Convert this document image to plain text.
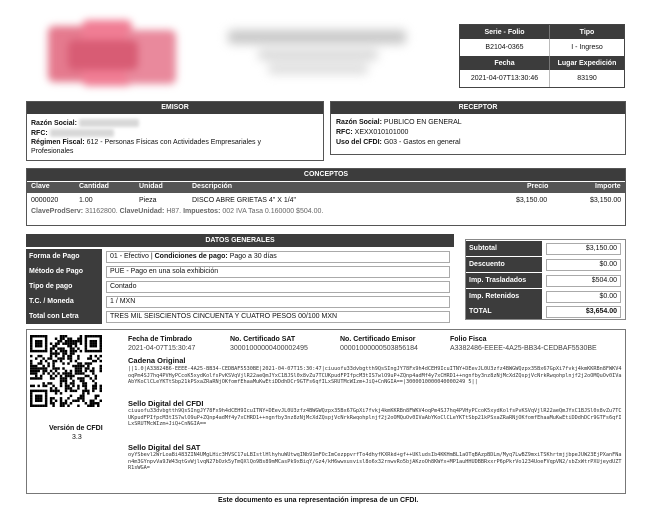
Serie - Folio	Tipo
B2104-0365	I - Ingreso
Fecha	Lugar Expedición
2021-04-07T13:30:46	83190
EMISOR
Razón Social:
RFC:
Régimen Fiscal: 612 - Personas Físicas con Actividades Empresariales y
Profesionales
RECEPTOR
Razón Social: PUBLICO EN GENERAL
RFC: XEXX010101000
Uso del CFDI: G03 - Gastos en general
CONCEPTOS
Clave	Cantidad	Unidad	Descripción	Precio	Importe
0000020	1.00	Pieza	DISCO ABRE GRIETAS 4" X 1/4"	$3,150.00	$3,150.00
ClaveProdServ: 31162800. ClaveUnidad: H87. Impuestos: 002 IVA Tasa 0.160000 $504.00.
DATOS GENERALES
Forma de Pago	01 - Efectivo | Condiciones de pago: Pago a 30 días
Método de Pago	PUE - Pago en una sola exhibición
Tipo de pago	Contado
T.C. / Moneda	1 / MXN
Total con Letra	TRES MIL SEISCIENTOS CINCUENTA Y CUATRO PESOS 00/100 MXN
Subtotal	$3,150.00
Descuento	$0.00
Imp. Trasladados	$504.00
Imp. Retenidos	$0.00
TOTAL	$3,654.00
Versión de CFDI
3.3
Fecha de Timbrado
2021-04-07T15:30:47
No. Certificado SAT
30001000000400002495
No. Certificado Emisor
00001000000503856184
Folio Fisca
A3382486-EEEE-4A25-BB34-CEDBAF5530BE
Cadena Original
||1.0|A33824B6-EEEE-4A25-BB34-CEDBAF5530BE|2021-04-07T15:30:47|ciuuofu33dvbgtth9QsSIngJY78Fx9h4dCEH9IcuITNY+DEevJL0U3zfz4BWGWQzpx35Bx67GpXi7fvkj4kmKKRBn8FWKV4oqPm4SJ7hq4PVHyPCcoK5xydKolfsPvKSVqVjlR22aeQmJYxC1BJSl0x8vZu7TCUKpudFPIfpcM3tIS7wlO9uP+ZQnp4adMf4y7xCHRD1++ngnfby3nz8zNjMcXdZQspjVcNrkRwqohplnjf2j2oOMQuOv0IVaAbYKoClCLeYKTtSbp21kPSxaZRaRNjOKfomfEhaaMuKwEtiDDdhDCr9GTFs6qfILxSRUTMcWIzm+JiQ+CnNGIA==|3000010000040000249 5||
Sello Digital del CFDI
ciuuofu33dvbgtth9QsSIngJY78Fx9h4dCEH9IcuITNY+DEevJL0U3zfz4BWGWQzpx35Bx67GpXi7fvkj4kmKKRBn8FWKV4oqPm4SJ7hq4PVHyPCcoK5xydKolfsPvKSVqVjlR22aeQmJYxC1BJSl0x8vZu7TCUKpudFPIfpcM3tIS7wlO9uP+ZQnp4adMf4y7xCHRD1++ngnfby3nz8zNjMcXdZQspjVcNrkRwqohplnjf2j2oOMQuOv0IVaAbYKoClCLeYKTtSbp21kPSxaZRaRNjOKfomfEhaaMuKwEtiDDdhDCr9GTFs6qfILxSRUTMcWIzm+JiQ+CnNGIA==
Sello Digital del SAT
oyYSbevl2WrLoaBi483ZIN4UMgLHic3HVSC17uLBIstlHlhyhuWUtwqINb91mFOcImCezppvrfTo4dhyfKXRkd+gf++UKludsIb4KKHmBL1aOTqBAzpBDLm/Myq7LwBZ9mxiTSKhrtmjjbpeJUW23EjPXanFNan4m3GYnpvVa9JW43qtGvWjlvqN27bOzk5yTmQXlQo9Bs89mMCasPk9xBiqY/Gz4/kH6wwxusvisl8o6x32rnwvRo5bjAKzoOh8KWfx+MP1auHHUDBBRxxrP6pPkrVo1234UoeFVqpVN2/sbZxWtrPXUjeydUZTR1sWGA=
Este documento es una representación impresa de un CFDI.
